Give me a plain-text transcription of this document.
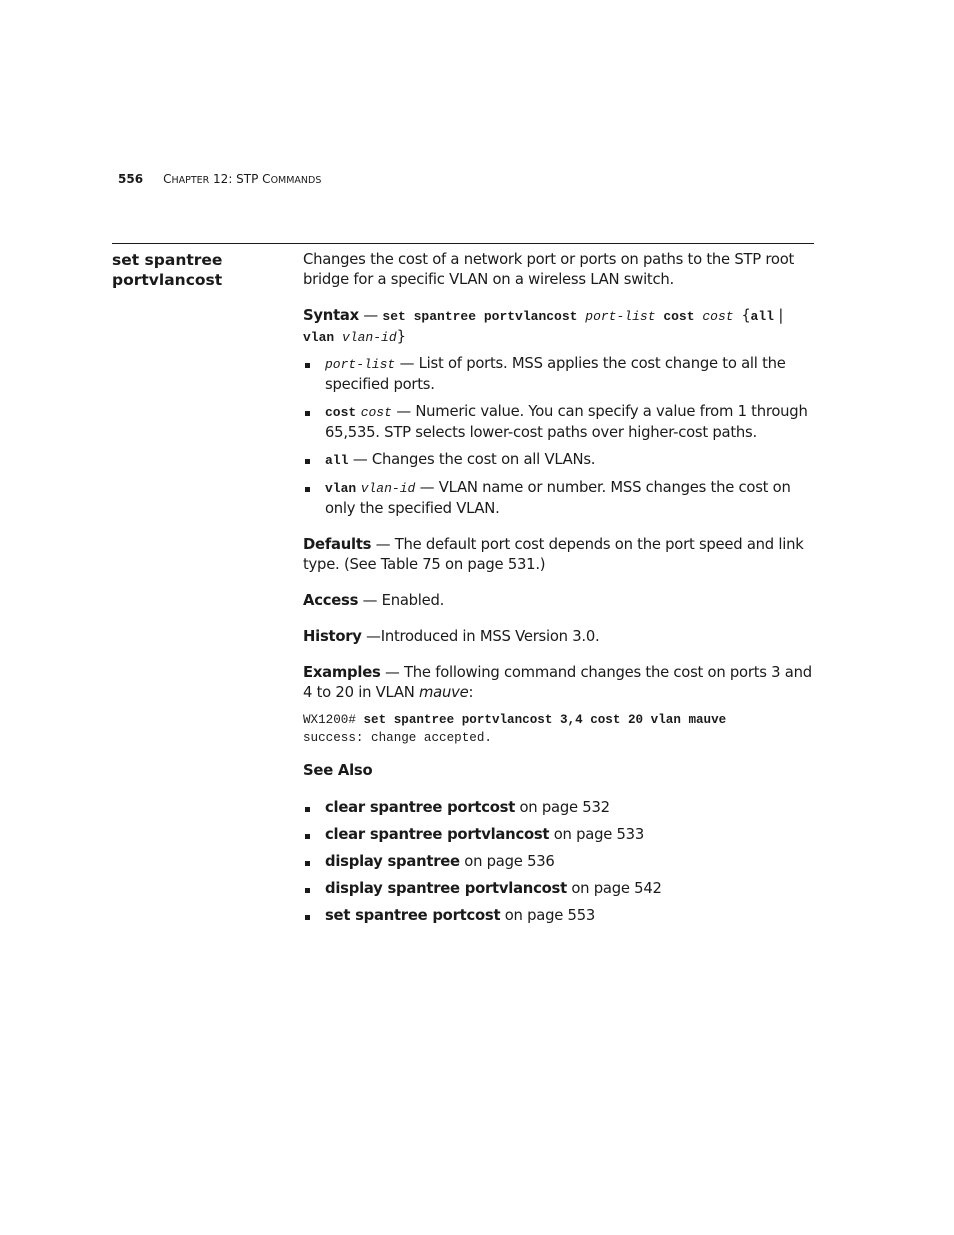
556 CHAPTER 12: STP COMMANDS
set spantree
portvlancost

Changes the cost of a network port or ports on paths to the STP root bridge for a specific VLAN on a wireless LAN switch.

Syntax — set spantree portvlancost port-list cost cost {all |
vlan vlan-id}

port-list — List of ports. MSS applies the cost change to all the specified ports.

cost cost — Numeric value. You can specify a value from 1 through 65,535. STP selects lower-cost paths over higher-cost paths.

all — Changes the cost on all VLANs.

vlan vlan-id — VLAN name or number. MSS changes the cost on only the specified VLAN.

Defaults — The default port cost depends on the port speed and link type. (See Table 75 on page 531.)

Access — Enabled.

History —Introduced in MSS Version 3.0.

Examples — The following command changes the cost on ports 3 and 4 to 20 in VLAN mauve:

WX1200# set spantree portvlancost 3,4 cost 20 vlan mauve
success: change accepted.

See Also

clear spantree portcost on page 532

clear spantree portvlancost on page 533

display spantree on page 536

display spantree portvlancost on page 542

set spantree portcost on page 553
